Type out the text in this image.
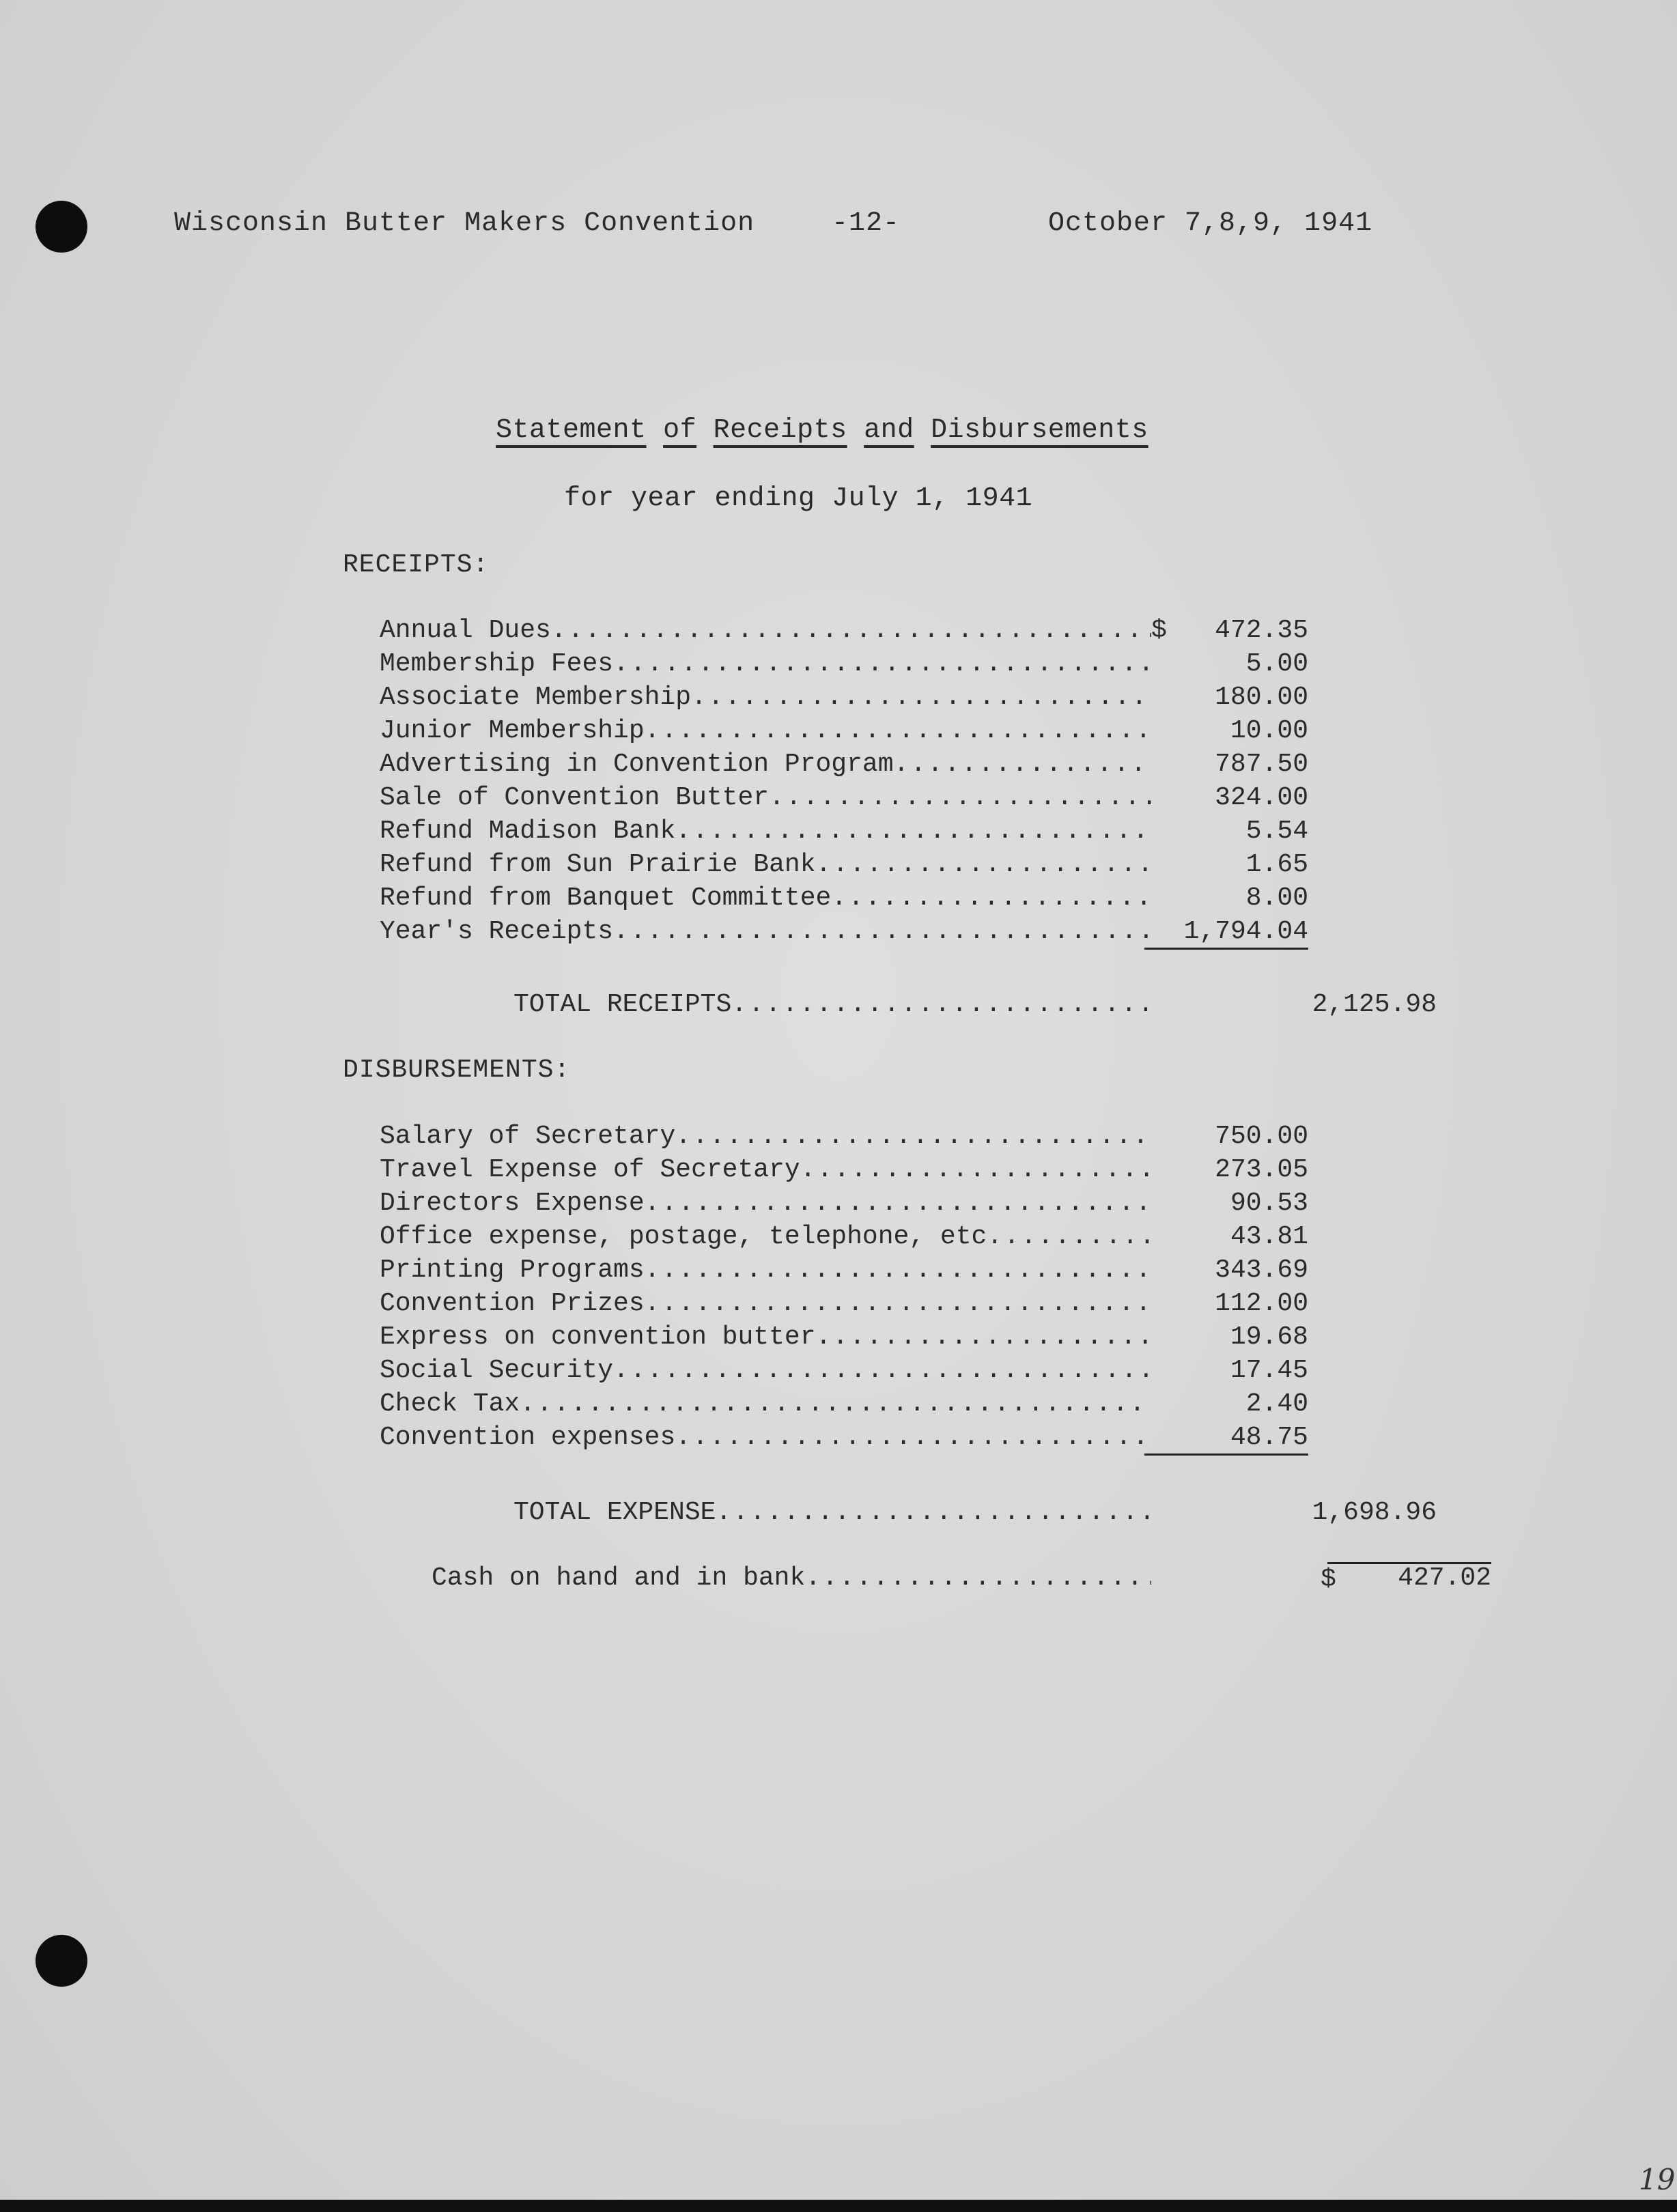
Wisconsin Butter Makers Convention	-12-	October 7,8,9, 1941
Statement of Receipts and Disbursements
for year ending July 1, 1941
RECEIPTS:
Annual Dues .....	$	472.35
Membership Fees .....	5.00
Associate Membership .....	180.00
Junior Membership .....	10.00
Advertising in Convention Program .....	787.50
Sale of Convention Butter .....	324.00
Refund Madison Bank .....	5.54
Refund from Sun Prairie Bank .....	1.65
Refund from Banquet Committee .....	8.00
Year's Receipts .....	1,794.04
TOTAL RECEIPTS .....	2,125.98
DISBURSEMENTS:
Salary of Secretary .....	750.00
Travel Expense of Secretary .....	273.05
Directors Expense .....	90.53
Office expense, postage, telephone, etc .....	43.81
Printing Programs .....	343.69
Convention Prizes .....	112.00
Express on convention butter .....	19.68
Social Security .....	17.45
Check Tax .....	2.40
Convention expenses .....	48.75
TOTAL EXPENSE .....	1,698.96
Cash on hand and in bank .....	427.02
$
19
